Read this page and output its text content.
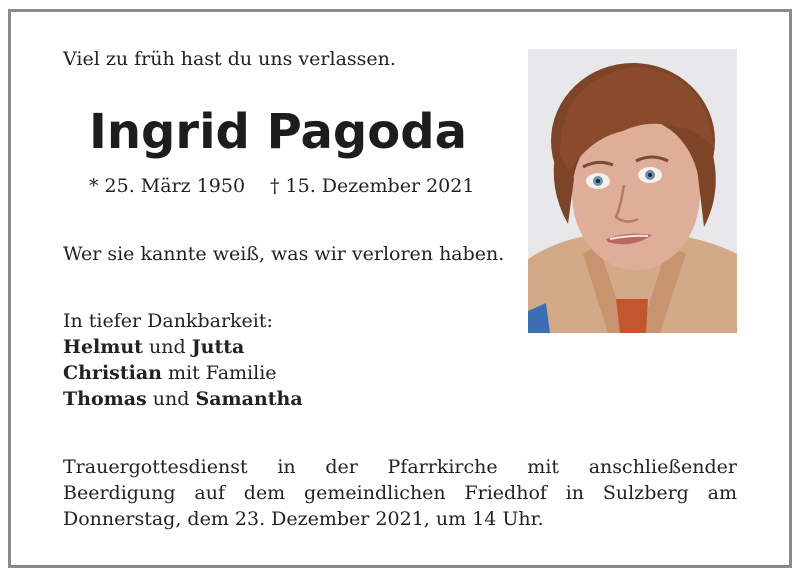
Viel zu früh hast du uns verlassen.
Ingrid Pagoda
* 25. März 1950 † 15. Dezember 2021
Wer sie kannte weiß, was wir verloren haben.
In tiefer Dankbarkeit:
Helmut und Jutta
Christian mit Familie
Thomas und Samantha
Trauergottesdienst in der Pfarrkirche mit anschließender Beerdigung auf dem gemeindlichen Friedhof in Sulzberg am Donnerstag, dem 23. Dezember 2021, um 14 Uhr.
